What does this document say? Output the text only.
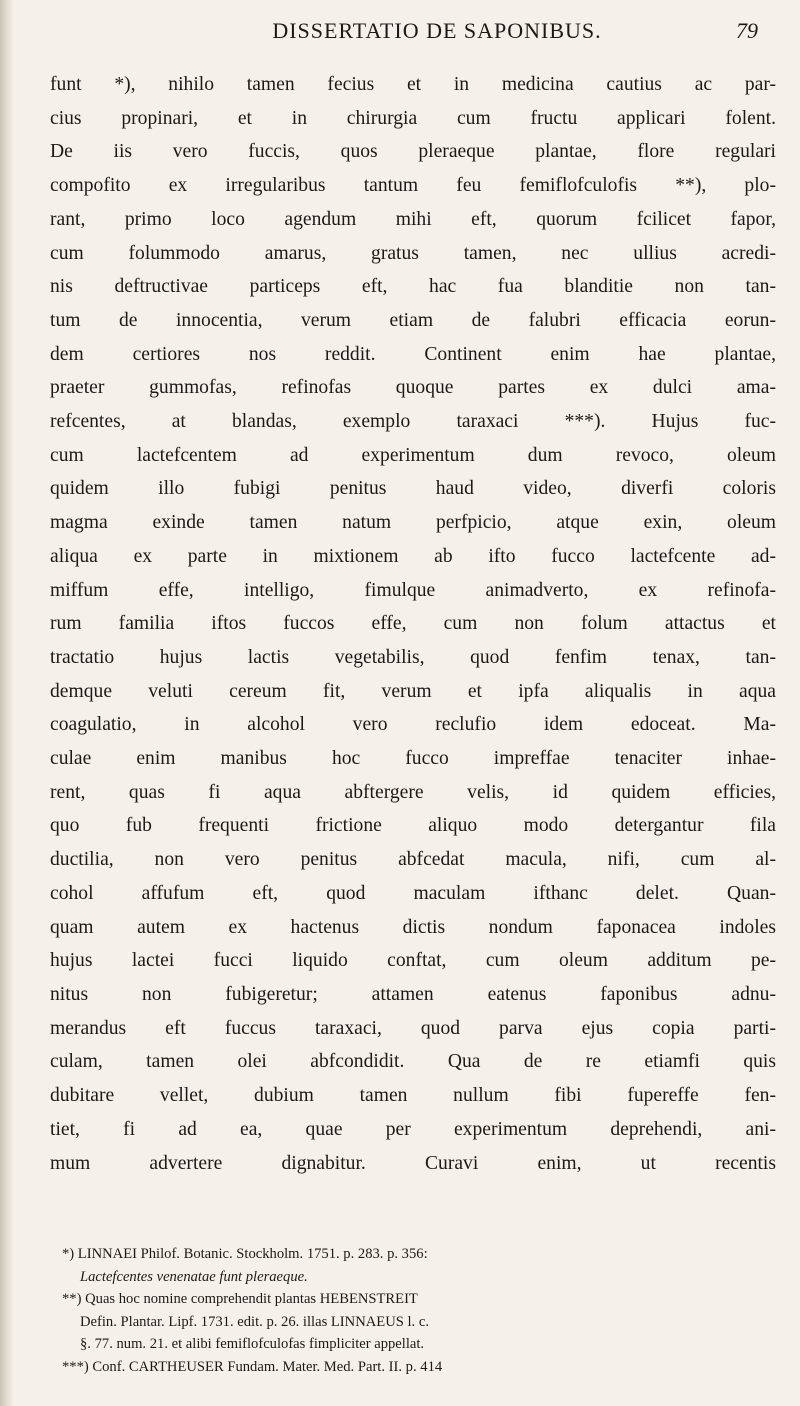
DISSERTATIO DE SAPONIBUS.	79
funt *), nihilo tamen fecius et in medicina cautius ac par-
cius propinari, et in chirurgia cum fructu applicari folent.
De iis vero fuccis, quos pleraeque plantae, flore regulari
compofito ex irregularibus tantum feu femiflofculofis **), plo-
rant, primo loco agendum mihi eft, quorum fcilicet fapor,
cum folummodo amarus, gratus tamen, nec ullius acredi-
nis deftructivae particeps eft, hac fua blanditie non tan-
tum de innocentia, verum etiam de falubri efficacia eorun-
dem certiores nos reddit. Continent enim hae plantae,
praeter gummofas, refinofas quoque partes ex dulci ama-
refcentes, at blandas, exemplo taraxaci ***). Hujus fuc-
cum lactefcentem ad experimentum dum revoco, oleum
quidem illo fubigi penitus haud video, diverfi coloris
magma exinde tamen natum perfpicio, atque exin, oleum
aliqua ex parte in mixtionem ab ifto fucco lactefcente ad-
miffum effe, intelligo, fimulque animadverto, ex refinofa-
rum familia iftos fuccos effe, cum non folum attactus et
tractatio hujus lactis vegetabilis, quod fenfim tenax, tan-
demque veluti cereum fit, verum et ipfa aliqualis in aqua
coagulatio, in alcohol vero reclufio idem edoceat. Ma-
culae enim manibus hoc fucco impreffae tenaciter inhae-
rent, quas fi aqua abftergere velis, id quidem efficies,
quo fub frequenti frictione aliquo modo detergantur fila
ductilia, non vero penitus abfcedat macula, nifi, cum al-
cohol affufum eft, quod maculam ifthanc delet. Quan-
quam autem ex hactenus dictis nondum faponacea indoles
hujus lactei fucci liquido conftat, cum oleum additum pe-
nitus non fubigeretur; attamen eatenus faponibus adnu-
merandus eft fuccus taraxaci, quod parva ejus copia parti-
culam, tamen olei abfcondidit. Qua de re etiamfi quis
dubitare vellet, dubium tamen nullum fibi fupereffe fen-
tiet, fi ad ea, quae per experimentum deprehendi, ani-
mum advertere dignabitur. Curavi enim, ut recentis
*) LINNAEI Philof. Botanic. Stockholm. 1751. p. 283. p. 356:
Lactefcentes venenatae funt pleraeque.
**) Quas hoc nomine comprehendit plantas HEBENSTREIT
Defin. Plantar. Lipf. 1731. edit. p. 26. illas LINNAEUS l. c.
§. 77. num. 21. et alibi femiflofculofas fimpliciter appellat.
***) Conf. CARTHEUSER Fundam. Mater. Med. Part. II. p. 414
